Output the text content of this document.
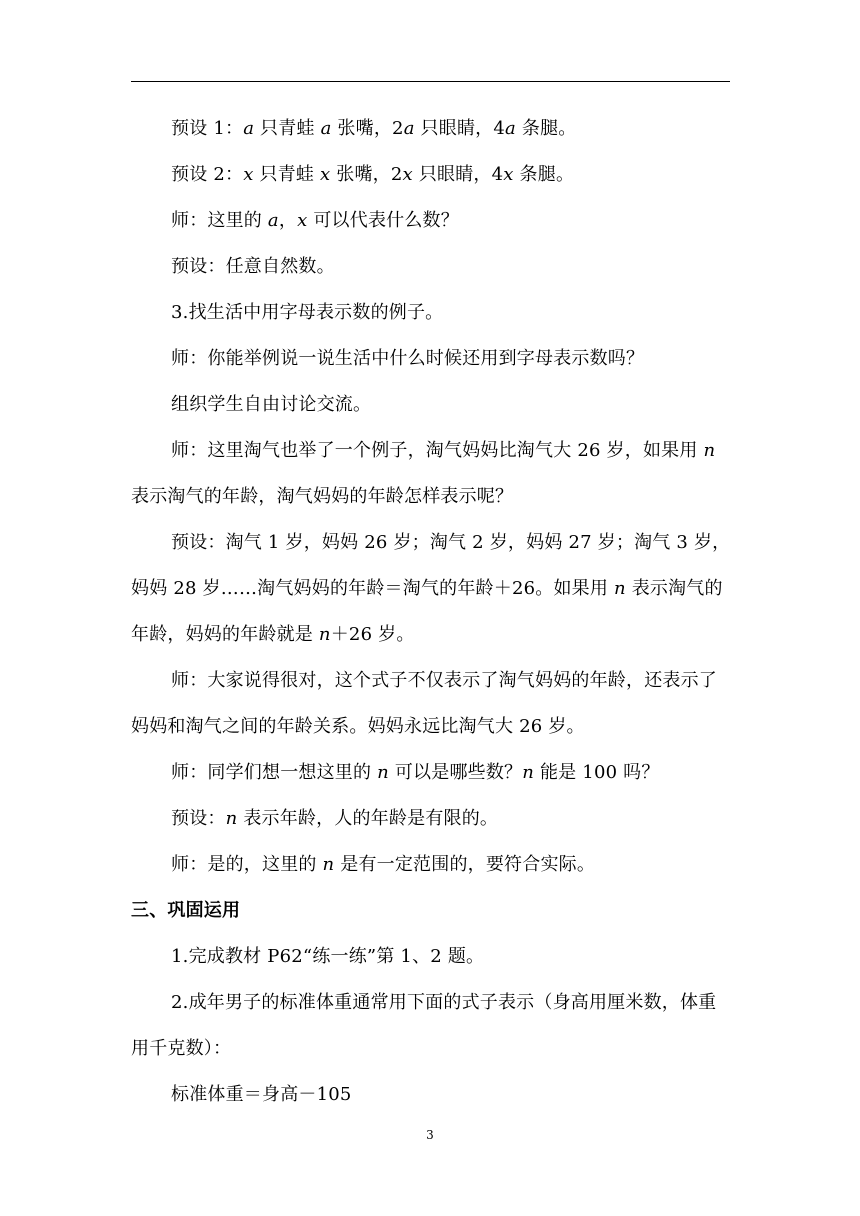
预设 1：a 只青蛙 a 张嘴，2a 只眼睛，4a 条腿。

预设 2：x 只青蛙 x 张嘴，2x 只眼睛，4x 条腿。

师：这里的 a，x 可以代表什么数？

预设：任意自然数。

3.找生活中用字母表示数的例子。

师：你能举例说一说生活中什么时候还用到字母表示数吗？

组织学生自由讨论交流。

师：这里淘气也举了一个例子，淘气妈妈比淘气大 26 岁，如果用 n 表示淘气的年龄，淘气妈妈的年龄怎样表示呢？

预设：淘气 1 岁，妈妈 26 岁；淘气 2 岁，妈妈 27 岁；淘气 3 岁，妈妈 28 岁……淘气妈妈的年龄＝淘气的年龄＋26。如果用 n 表示淘气的年龄，妈妈的年龄就是 n＋26 岁。

师：大家说得很对，这个式子不仅表示了淘气妈妈的年龄，还表示了妈妈和淘气之间的年龄关系。妈妈永远比淘气大 26 岁。

师：同学们想一想这里的 n 可以是哪些数？n 能是 100 吗？

预设：n 表示年龄，人的年龄是有限的。

师：是的，这里的 n 是有一定范围的，要符合实际。

三、巩固运用

1.完成教材 P62“练一练”第 1、2 题。

2.成年男子的标准体重通常用下面的式子表示（身高用厘米数，体重用千克数）：

标准体重＝身高－105

3
